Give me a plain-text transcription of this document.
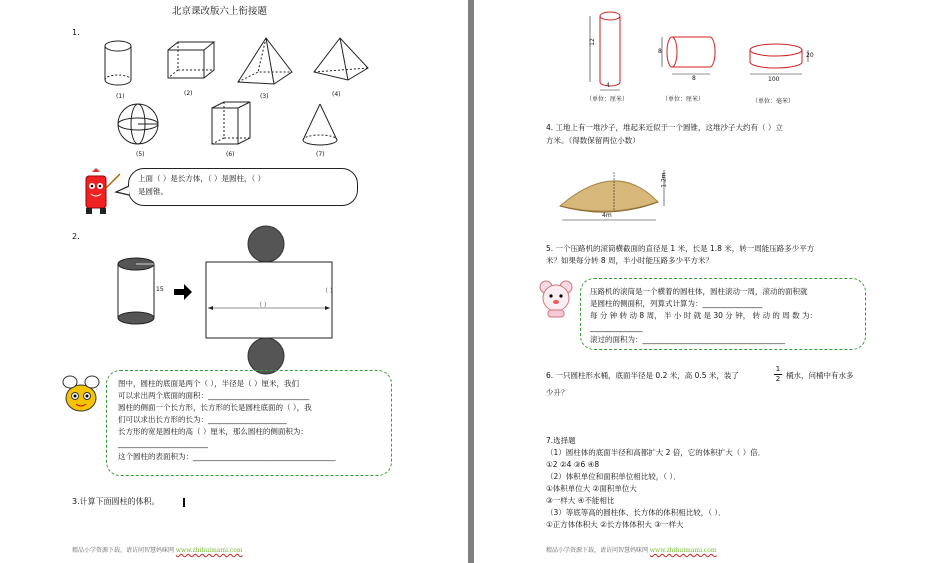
北京课改版六上衔接题
1.
(1)	(2)	(3)	(4)
(5)	(6)	(7)
上面（ ）是长方体，（ ）是圆柱，（ ）
是圆锥。
2.
15
（ ）
（ ）
图中，圆柱的底面是两个（ ），半径是（ ）厘米，我们
可以求出两个底面的面积：___________________________
圆柱的侧面一个长方形，长方形的长是圆柱底面的（ ），我
们可以求出长方形的长为：_____________________
长方形的宽是圆柱的高（ ）厘米，那么圆柱的侧面积为：
________________________
这个圆柱的表面积为：______________________________________
3.计算下面圆柱的体积。
精品小学资源下载，请访问智慧妈咪网 www.zhihuimami.com
12
4
（单位：厘米）
8
8
（单位：厘米）
20
100
（单位：毫米）
4. 工地上有一堆沙子，堆起来近似于一个圆锥，这堆沙子大约有（ ）立
方米。（得数保留两位小数）
1.2m
4m
5. 一个压路机的滚筒横截面的直径是 1 米，长是 1.8 米，转一周能压路多少平方
米？如果每分转 8 周，半小时能压路多少平方米？
压路机的滚筒是一个横着的圆柱体，圆柱滚动一周，滚动的面积就
是圆柱的侧面积，列算式计算为：________________
每 分 钟 转 动 8 周， 半 小 时 就 是 30 分 钟， 转 动 的 周 数 为：
______________
滚过的面积为：______________________________________
6. 一只圆柱形水桶，底面半径是 0.2 米，高 0.5 米，装了	$\frac{1}{2}$ 桶水，问桶中有水多
少升？
7.选择题
（1）圆柱体的底面半径和高都扩大 2 倍，它的体积扩大（ ）倍．
①2 ②4 ③6 ④8
（2）体积单位和面积单位相比较，（ ）．
①体积单位大 ②面积单位大
③一样大 ④不能相比
（3）等底等高的圆柱体、长方体的体积相比较，（ ）．
①正方体体积大 ②长方体体积大 ③一样大
精品小学资源下载，请访问智慧妈咪网 www.zhihuimami.com
